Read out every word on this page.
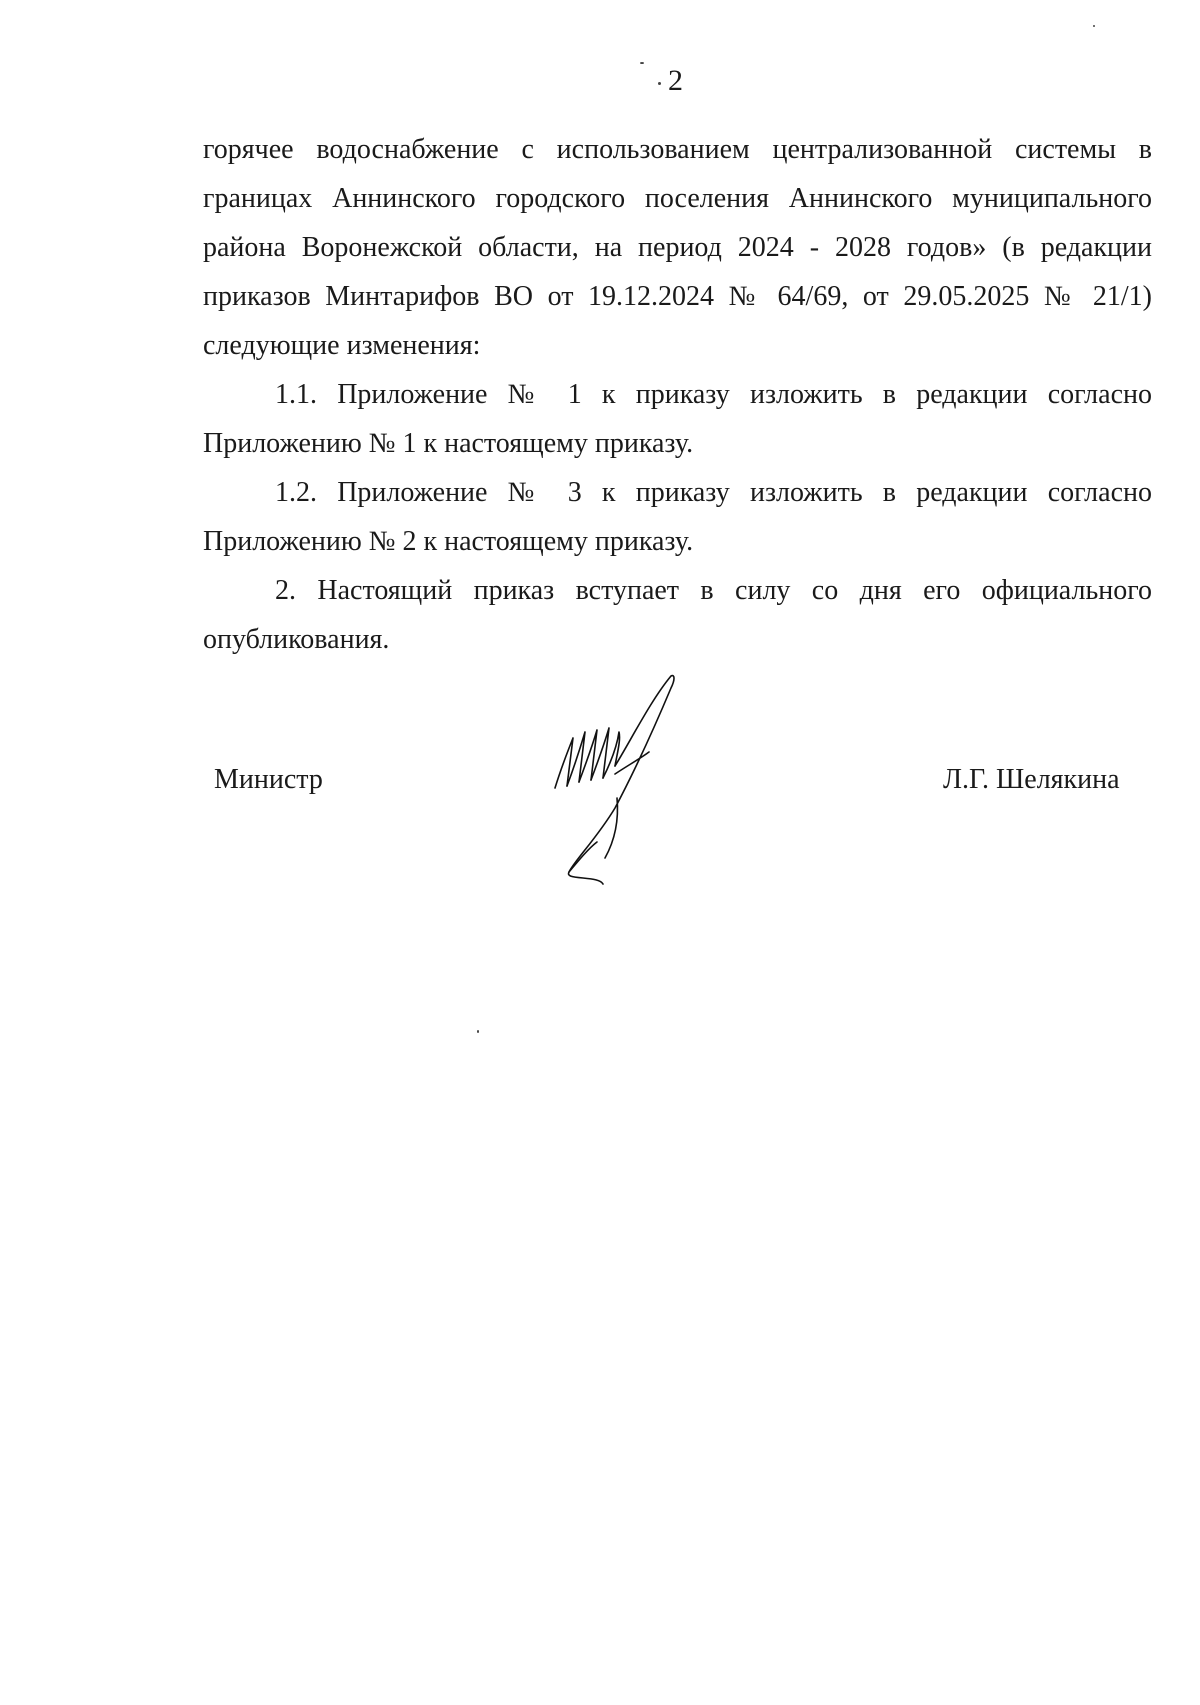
2

горячее водоснабжение с использованием централизованной системы в границах Аннинского городского поселения Аннинского муниципального района Воронежской области, на период 2024 - 2028 годов» (в редакции приказов Минтарифов ВО от 19.12.2024 № 64/69, от 29.05.2025 № 21/1) следующие изменения:

1.1. Приложение № 1 к приказу изложить в редакции согласно Приложению № 1 к настоящему приказу.

1.2. Приложение № 3 к приказу изложить в редакции согласно Приложению № 2 к настоящему приказу.

2. Настоящий приказ вступает в силу со дня его официального опубликования.

Министр	Л.Г. Шелякина
